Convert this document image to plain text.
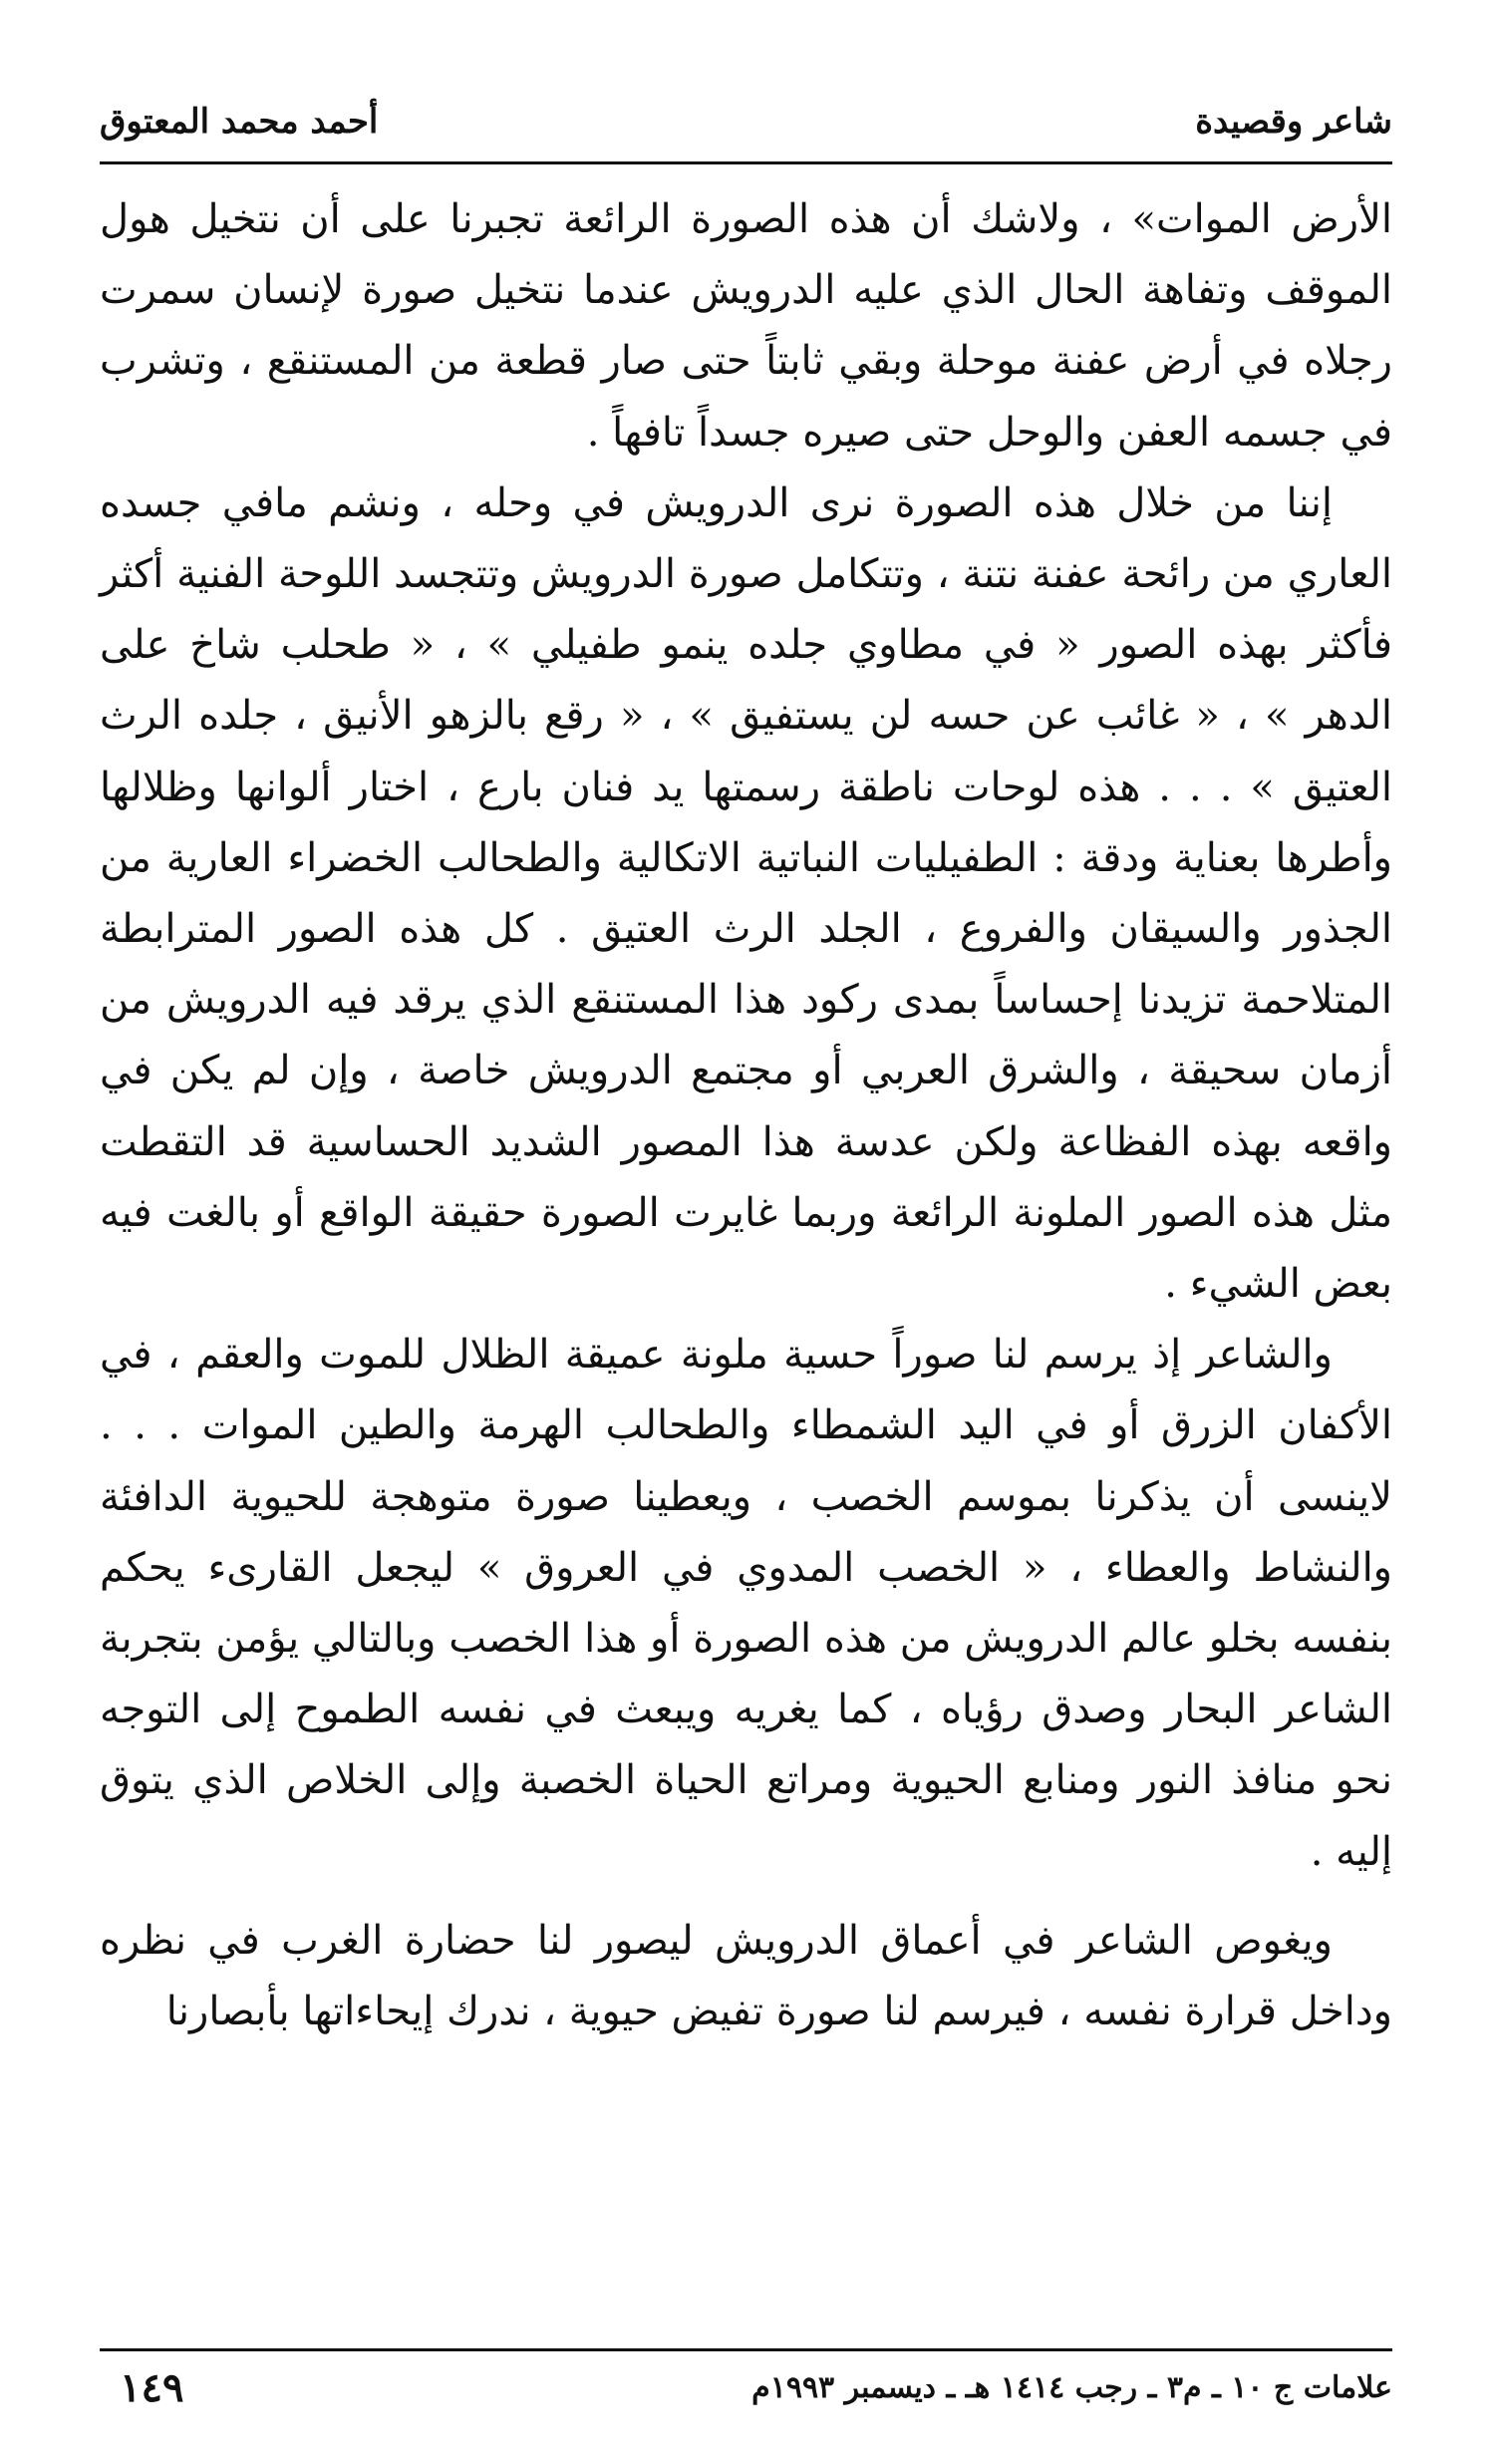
شاعر وقصيدة
أحمد محمد المعتوق

الأرض الموات» ، ولاشك أن هذه الصورة الرائعة تجبرنا على أن نتخيل هول الموقف وتفاهة الحال الذي عليه الدرويش عندما نتخيل صورة لإنسان سمرت رجلاه في أرض عفنة موحلة وبقي ثابتاً حتى صار قطعة من المستنقع ، وتشرب في جسمه العفن والوحل حتى صيره جسداً تافهاً .

إننا من خلال هذه الصورة نرى الدرويش في وحله ، ونشم مافي جسده العاري من رائحة عفنة نتنة ، وتتكامل صورة الدرويش وتتجسد اللوحة الفنية أكثر فأكثر بهذه الصور « في مطاوي جلده ينمو طفيلي » ، « طحلب شاخ على الدهر » ، « غائب عن حسه لن يستفيق » ، « رقع بالزهو الأنيق ، جلده الرث العتيق » . . . هذه لوحات ناطقة رسمتها يد فنان بارع ، اختار ألوانها وظلالها وأطرها بعناية ودقة : الطفيليات النباتية الاتكالية والطحالب الخضراء العارية من الجذور والسيقان والفروع ، الجلد الرث العتيق . كل هذه الصور المترابطة المتلاحمة تزيدنا إحساساً بمدى ركود هذا المستنقع الذي يرقد فيه الدرويش من أزمان سحيقة ، والشرق العربي أو مجتمع الدرويش خاصة ، وإن لم يكن في واقعه بهذه الفظاعة ولكن عدسة هذا المصور الشديد الحساسية قد التقطت مثل هذه الصور الملونة الرائعة وربما غايرت الصورة حقيقة الواقع أو بالغت فيه بعض الشيء .

والشاعر إذ يرسم لنا صوراً حسية ملونة عميقة الظلال للموت والعقم ، في الأكفان الزرق أو في اليد الشمطاء والطحالب الهرمة والطين الموات . . . لاينسى أن يذكرنا بموسم الخصب ، ويعطينا صورة متوهجة للحيوية الدافئة والنشاط والعطاء ، « الخصب المدوي في العروق » ليجعل القارىء يحكم بنفسه بخلو عالم الدرويش من هذه الصورة أو هذا الخصب وبالتالي يؤمن بتجربة الشاعر البحار وصدق رؤياه ، كما يغريه ويبعث في نفسه الطموح إلى التوجه نحو منافذ النور ومنابع الحيوية ومراتع الحياة الخصبة وإلى الخلاص الذي يتوق إليه .

ويغوص الشاعر في أعماق الدرويش ليصور لنا حضارة الغرب في نظره وداخل قرارة نفسه ، فيرسم لنا صورة تفيض حيوية ، ندرك إيحاءاتها بأبصارنا

علامات ج ١٠ ـ م٣ ـ رجب ١٤١٤ هـ ـ ديسمبر ١٩٩٣م
١٤٩
